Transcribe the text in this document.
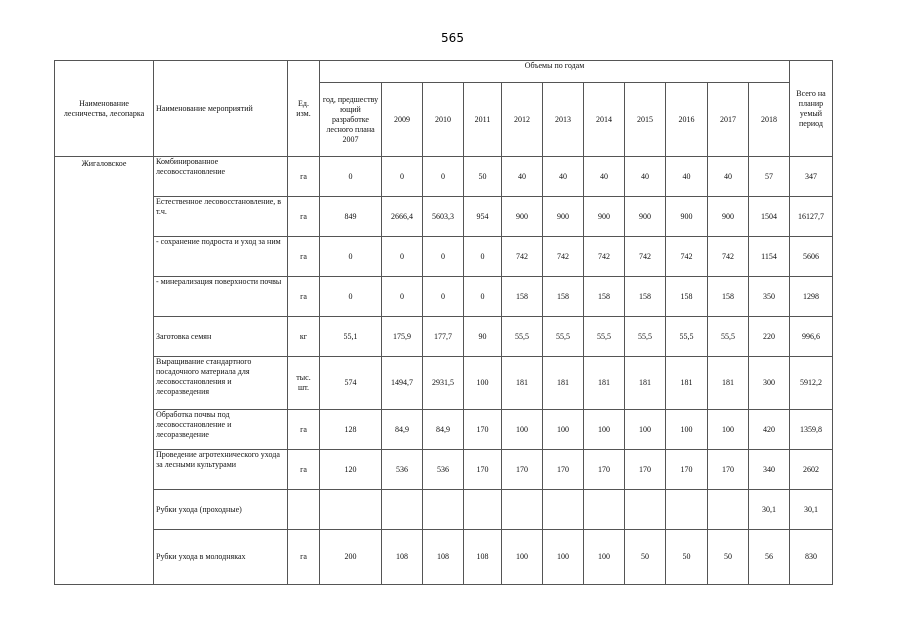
565
Наименование лесничества, лесопарка	Наименование мероприятий	Ед. изм.	Объемы по годам											Всего на планир уемый период
			год, предшеству ющий разработке лесного плана 2007	2009	2010	2011	2012	2013	2014	2015	2016	2017	2018	
Жигаловское	Комбинированное лесовосстановление	га	0	0	0	50	40	40	40	40	40	40	57	347
	Естественное лесовосстановление, в т.ч.	га	849	2666,4	5603,3	954	900	900	900	900	900	900	1504	16127,7
	- сохранение подроста и уход за ним	га	0	0	0	0	742	742	742	742	742	742	1154	5606
	- минерализация поверхности почвы	га	0	0	0	0	158	158	158	158	158	158	350	1298
	Заготовка семян	кг	55,1	175,9	177,7	90	55,5	55,5	55,5	55,5	55,5	55,5	220	996,6
	Выращивание стандартного посадочного материала для лесовосстановления и лесоразведения	тыс. шт.	574	1494,7	2931,5	100	181	181	181	181	181	181	300	5912,2
	Обработка почвы под лесовосстановление и лесоразведение	га	128	84,9	84,9	170	100	100	100	100	100	100	420	1359,8
	Проведение агротехнического ухода за лесными культурами	га	120	536	536	170	170	170	170	170	170	170	340	2602
	Рубки ухода (проходные)												30,1	30,1
	Рубки ухода в молодняках	га	200	108	108	108	100	100	100	50	50	50	56	830
